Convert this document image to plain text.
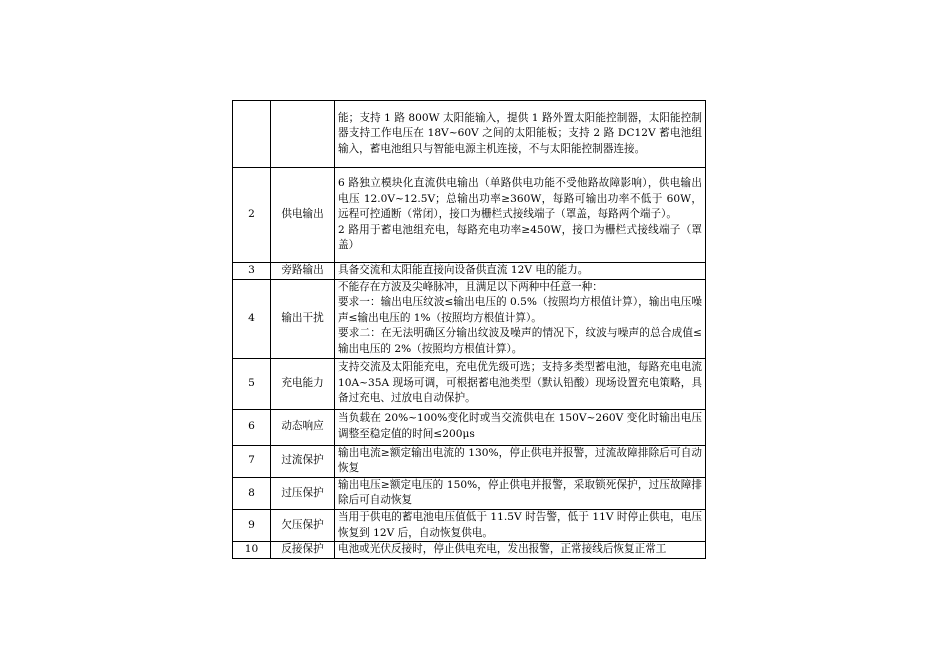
		能；支持 1 路 800W 太阳能输入，提供 1 路外置太阳能控制器，太阳能控制器支持工作电压在 18V~60V 之间的太阳能板；支持 2 路 DC12V 蓄电池组输入，蓄电池组只与智能电源主机连接，不与太阳能控制器连接。

2	供电输出	6 路独立模块化直流供电输出（单路供电功能不受他路故障影响），供电输出电压 12.0V~12.5V；总输出功率≥360W，每路可输出功率不低于 60W，远程可控通断（常闭），接口为栅栏式接线端子（罩盖，每路两个端子）。

2 路用于蓄电池组充电，每路充电功率≥450W，接口为栅栏式接线端子（罩盖）

3	旁路输出	具备交流和太阳能直接向设备供直流 12V 电的能力。

4	输出干扰	不能存在方波及尖峰脉冲，且满足以下两种中任意一种：

要求一：输出电压纹波≤输出电压的 0.5%（按照均方根值计算），输出电压噪声≤输出电压的 1%（按照均方根值计算）。

要求二：在无法明确区分输出纹波及噪声的情况下，纹波与噪声的总合成值≤输出电压的 2%（按照均方根值计算）。

5	充电能力	支持交流及太阳能充电，充电优先级可选；支持多类型蓄电池，每路充电电流 10A~35A 现场可调，可根据蓄电池类型（默认铅酸）现场设置充电策略，具备过充电、过放电自动保护。

6	动态响应	当负载在 20%~100%变化时或当交流供电在 150V~260V 变化时输出电压调整至稳定值的时间≤200μs

7	过流保护	输出电流≥额定输出电流的 130%，停止供电并报警，过流故障排除后可自动恢复

8	过压保护	输出电压≥额定电压的 150%，停止供电并报警，采取锁死保护，过压故障排除后可自动恢复

9	欠压保护	当用于供电的蓄电池电压值低于 11.5V 时告警，低于 11V 时停止供电，电压恢复到 12V 后，自动恢复供电。

10	反接保护	电池或光伏反接时，停止供电充电，发出报警，正常接线后恢复正常工
